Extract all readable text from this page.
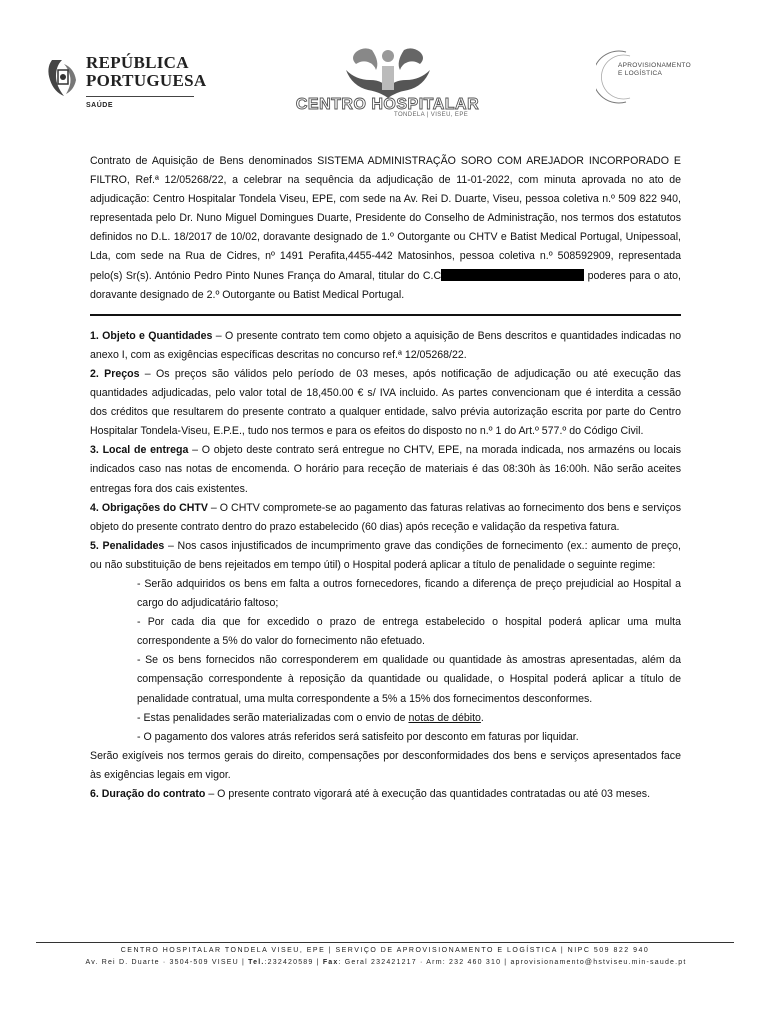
REPÚBLICA
PORTUGUESA
SAÚDE	CENTRO HOSPITALAR
TONDELA | VISEU, EPE
APROVISIONAMENTO
E LOGÍSTICA

Contrato de Aquisição de Bens denominados SISTEMA ADMINISTRAÇÃO SORO COM AREJADOR INCORPORADO E FILTRO, Ref.ª 12/05268/22, a celebrar na sequência da adjudicação de 11-01-2022, com minuta aprovada no ato de adjudicação: Centro Hospitalar Tondela Viseu, EPE, com sede na Av. Rei D. Duarte, Viseu, pessoa coletiva n.º 509 822 940, representada pelo Dr. Nuno Miguel Domingues Duarte, Presidente do Conselho de Administração, nos termos dos estatutos definidos no D.L. 18/2017 de 10/02, doravante designado de 1.º Outorgante ou CHTV e Batist Medical Portugal, Unipessoal, Lda, com sede na Rua de Cidres, nº 1491 Perafita,4455-442 Matosinhos, pessoa coletiva n.º 508592909, representada pelo(s) Sr(s). António Pedro Pinto Nunes França do Amaral, titular do C.C	poderes para o ato, doravante designado de 2.º Outorgante ou Batist Medical Portugal.

1. Objeto e Quantidades – O presente contrato tem como objeto a aquisição de Bens descritos e quantidades indicadas no anexo I, com as exigências específicas descritas no concurso ref.ª 12/05268/22.

2. Preços – Os preços são válidos pelo período de 03 meses, após notificação de adjudicação ou até execução das quantidades adjudicadas, pelo valor total de 18,450.00 € s/ IVA incluido. As partes convencionam que é interdita a cessão dos créditos que resultarem do presente contrato a qualquer entidade, salvo prévia autorização escrita por parte do Centro Hospitalar Tondela-Viseu, E.P.E., tudo nos termos e para os efeitos do disposto no n.º 1 do Art.º 577.º do Código Civil.

3. Local de entrega – O objeto deste contrato será entregue no CHTV, EPE, na morada indicada, nos armazéns ou locais indicados caso nas notas de encomenda. O horário para receção de materiais é das 08:30h às 16:00h. Não serão aceites entregas fora dos cais existentes.

4. Obrigações do CHTV – O CHTV compromete-se ao pagamento das faturas relativas ao fornecimento dos bens e serviços objeto do presente contrato dentro do prazo estabelecido (60 dias) após receção e validação da respetiva fatura.

5. Penalidades – Nos casos injustificados de incumprimento grave das condições de fornecimento (ex.: aumento de preço, ou não substituição de bens rejeitados em tempo útil) o Hospital poderá aplicar a título de penalidade o seguinte regime:

- Serão adquiridos os bens em falta a outros fornecedores, ficando a diferença de preço prejudicial ao Hospital a cargo do adjudicatário faltoso;

- Por cada dia que for excedido o prazo de entrega estabelecido o hospital poderá aplicar uma multa correspondente a 5% do valor do fornecimento não efetuado.

- Se os bens fornecidos não corresponderem em qualidade ou quantidade às amostras apresentadas, além da compensação correspondente à reposição da quantidade ou qualidade, o Hospital poderá aplicar a título de penalidade contratual, uma multa correspondente a 5% a 15% dos fornecimentos desconformes.

- Estas penalidades serão materializadas com o envio de notas de débito.

- O pagamento dos valores atrás referidos será satisfeito por desconto em faturas por liquidar.

Serão exigíveis nos termos gerais do direito, compensações por desconformidades dos bens e serviços apresentados face às exigências legais em vigor.

6. Duração do contrato – O presente contrato vigorará até à execução das quantidades contratadas ou até 03 meses.

CENTRO HOSPITALAR TONDELA VISEU, EPE | SERVIÇO DE APROVISIONAMENTO E LOGÍSTICA | NIPC 509 822 940
Av. Rei D. Duarte · 3504-509 VISEU | Tel.:232420589 | Fax: Geral 232421217 · Arm: 232 460 310 | aprovisionamento@hstviseu.min-saude.pt
